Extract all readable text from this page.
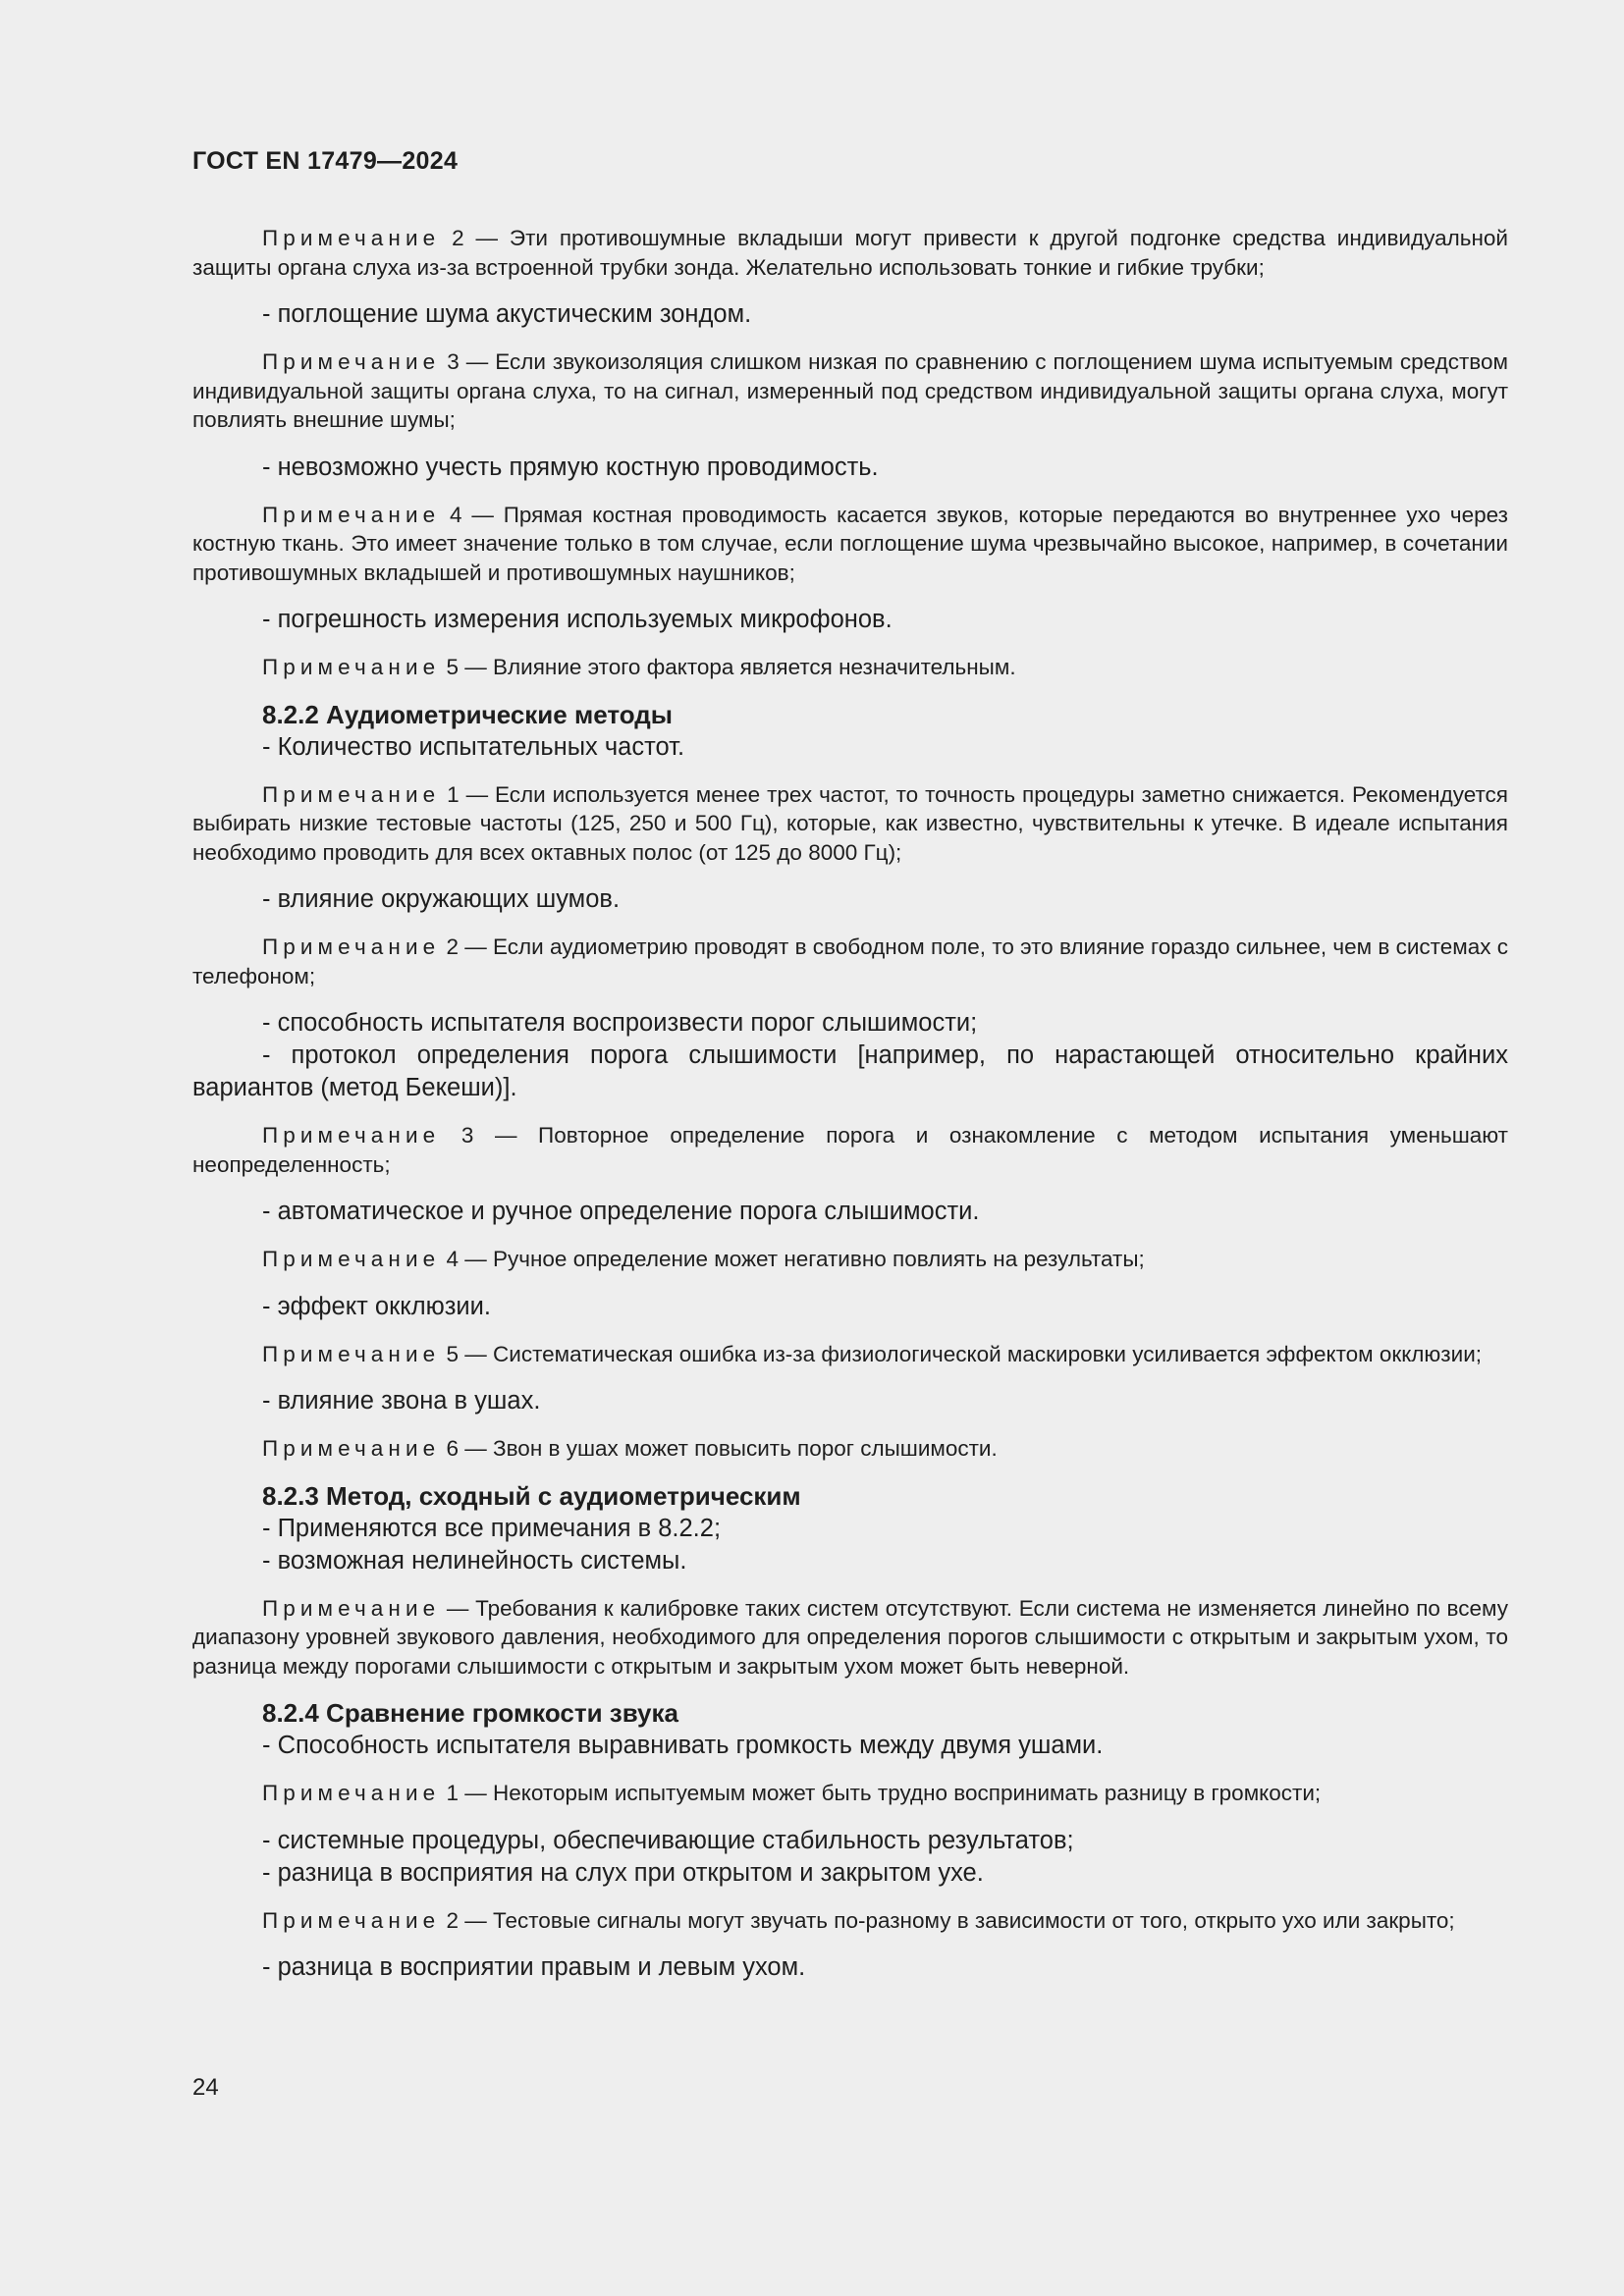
ГОСТ EN 17479—2024

Примечание 2 — Эти противошумные вкладыши могут привести к другой подгонке средства индивидуальной защиты органа слуха из-за встроенной трубки зонда. Желательно использовать тонкие и гибкие трубки;

- поглощение шума акустическим зондом.

Примечание 3 — Если звукоизоляция слишком низкая по сравнению с поглощением шума испытуемым средством индивидуальной защиты органа слуха, то на сигнал, измеренный под средством индивидуальной защиты органа слуха, могут повлиять внешние шумы;

- невозможно учесть прямую костную проводимость.

Примечание 4 — Прямая костная проводимость касается звуков, которые передаются во внутреннее ухо через костную ткань. Это имеет значение только в том случае, если поглощение шума чрезвычайно высокое, например, в сочетании противошумных вкладышей и противошумных наушников;

- погрешность измерения используемых микрофонов.

Примечание 5 — Влияние этого фактора является незначительным.

8.2.2 Аудиометрические методы

- Количество испытательных частот.

Примечание 1 — Если используется менее трех частот, то точность процедуры заметно снижается. Рекомендуется выбирать низкие тестовые частоты (125, 250 и 500 Гц), которые, как известно, чувствительны к утечке. В идеале испытания необходимо проводить для всех октавных полос (от 125 до 8000 Гц);

- влияние окружающих шумов.

Примечание 2 — Если аудиометрию проводят в свободном поле, то это влияние гораздо сильнее, чем в системах с телефоном;

- способность испытателя воспроизвести порог слышимости;

- протокол определения порога слышимости [например, по нарастающей относительно крайних вариантов (метод Бекеши)].

Примечание 3 — Повторное определение порога и ознакомление с методом испытания уменьшают неопределенность;

- автоматическое и ручное определение порога слышимости.

Примечание 4 — Ручное определение может негативно повлиять на результаты;

- эффект окклюзии.

Примечание 5 — Систематическая ошибка из-за физиологической маскировки усиливается эффектом окклюзии;

- влияние звона в ушах.

Примечание 6 — Звон в ушах может повысить порог слышимости.

8.2.3 Метод, сходный с аудиометрическим

- Применяются все примечания в 8.2.2;

- возможная нелинейность системы.

Примечание — Требования к калибровке таких систем отсутствуют. Если система не изменяется линейно по всему диапазону уровней звукового давления, необходимого для определения порогов слышимости с открытым и закрытым ухом, то разница между порогами слышимости с открытым и закрытым ухом может быть неверной.

8.2.4 Сравнение громкости звука

- Способность испытателя выравнивать громкость между двумя ушами.

Примечание 1 — Некоторым испытуемым может быть трудно воспринимать разницу в громкости;

- системные процедуры, обеспечивающие стабильность результатов;

- разница в восприятия на слух при открытом и закрытом ухе.

Примечание 2 — Тестовые сигналы могут звучать по-разному в зависимости от того, открыто ухо или закрыто;

- разница в восприятии правым и левым ухом.

24
